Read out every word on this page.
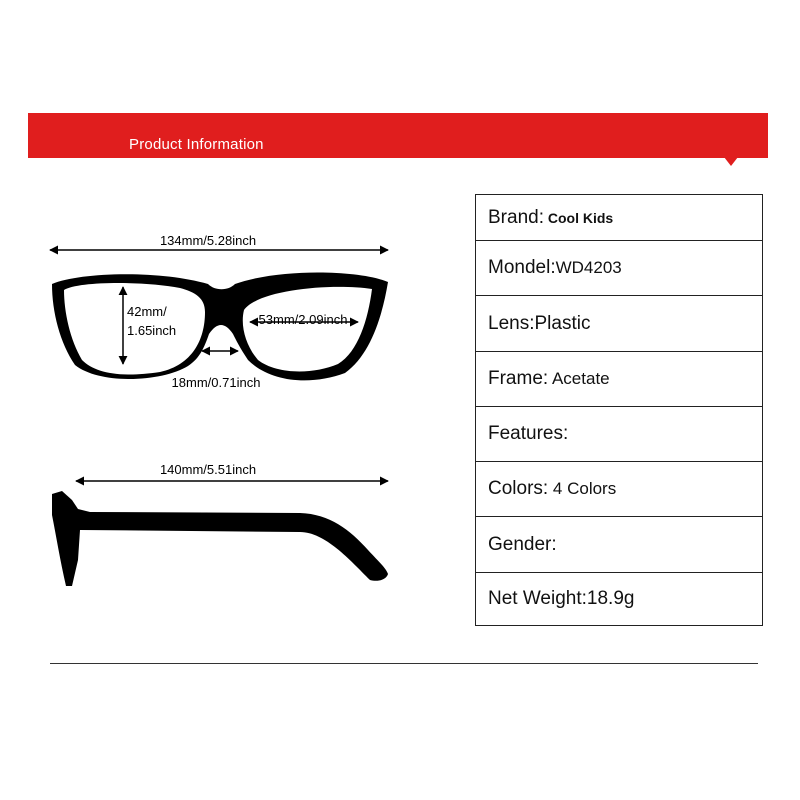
Product Information
134mm/5.28inch
42mm/
1.65inch
53mm/2.09inch
18mm/0.71inch
140mm/5.51inch
Brand: Cool Kids
Mondel:WD4203
Lens:Plastic
Frame: Acetate
Features:
Colors: 4 Colors
Gender:
Net Weight:18.9g
